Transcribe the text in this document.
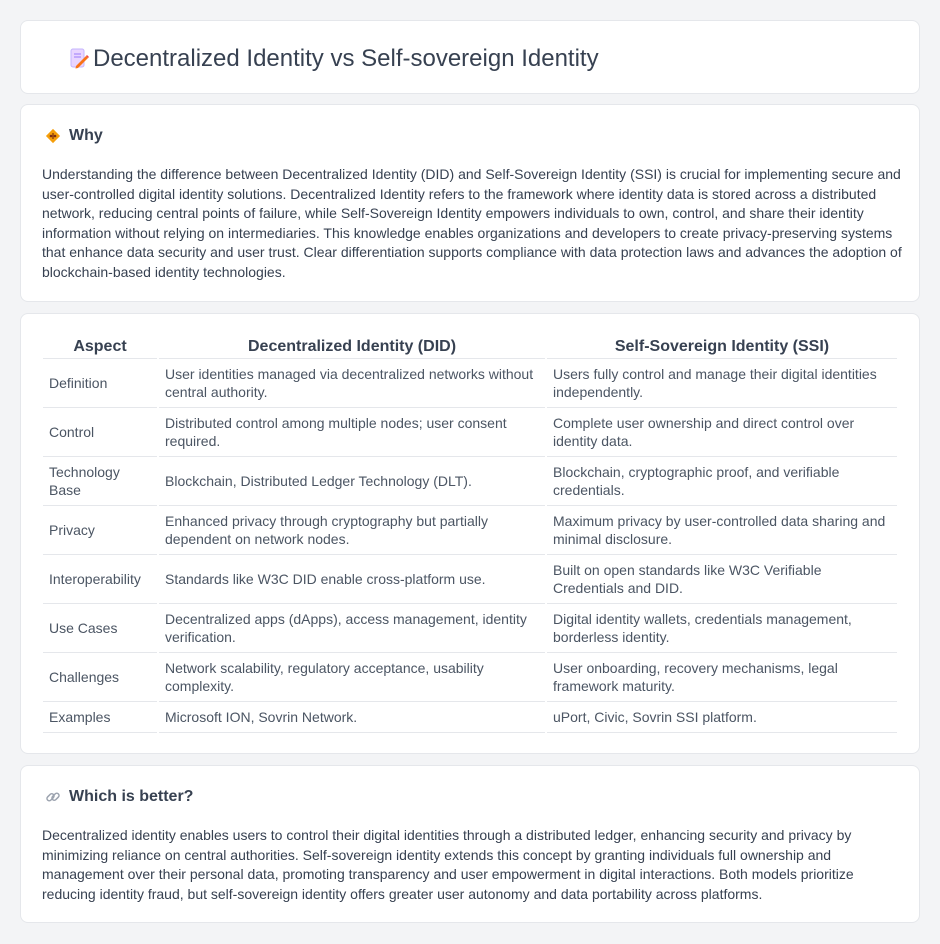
Decentralized Identity vs Self-sovereign Identity
Why

Understanding the difference between Decentralized Identity (DID) and Self-Sovereign Identity (SSI) is crucial for implementing secure and user-controlled digital identity solutions. Decentralized Identity refers to the framework where identity data is stored across a distributed network, reducing central points of failure, while Self-Sovereign Identity empowers individuals to own, control, and share their identity information without relying on intermediaries. This knowledge enables organizations and developers to create privacy-preserving systems that enhance data security and user trust. Clear differentiation supports compliance with data protection laws and advances the adoption of blockchain-based identity technologies.

Aspect	Decentralized Identity (DID)	Self-Sovereign Identity (SSI)
Definition	User identities managed via decentralized networks without central authority.	Users fully control and manage their digital identities independently.
Control	Distributed control among multiple nodes; user consent required.	Complete user ownership and direct control over identity data.
Technology Base	Blockchain, Distributed Ledger Technology (DLT).	Blockchain, cryptographic proof, and verifiable credentials.
Privacy	Enhanced privacy through cryptography but partially dependent on network nodes.	Maximum privacy by user-controlled data sharing and minimal disclosure.
Interoperability	Standards like W3C DID enable cross-platform use.	Built on open standards like W3C Verifiable Credentials and DID.
Use Cases	Decentralized apps (dApps), access management, identity verification.	Digital identity wallets, credentials management, borderless identity.
Challenges	Network scalability, regulatory acceptance, usability complexity.	User onboarding, recovery mechanisms, legal framework maturity.
Examples	Microsoft ION, Sovrin Network.	uPort, Civic, Sovrin SSI platform.
Which is better?

Decentralized identity enables users to control their digital identities through a distributed ledger, enhancing security and privacy by minimizing reliance on central authorities. Self-sovereign identity extends this concept by granting individuals full ownership and management over their personal data, promoting transparency and user empowerment in digital interactions. Both models prioritize reducing identity fraud, but self-sovereign identity offers greater user autonomy and data portability across platforms.
